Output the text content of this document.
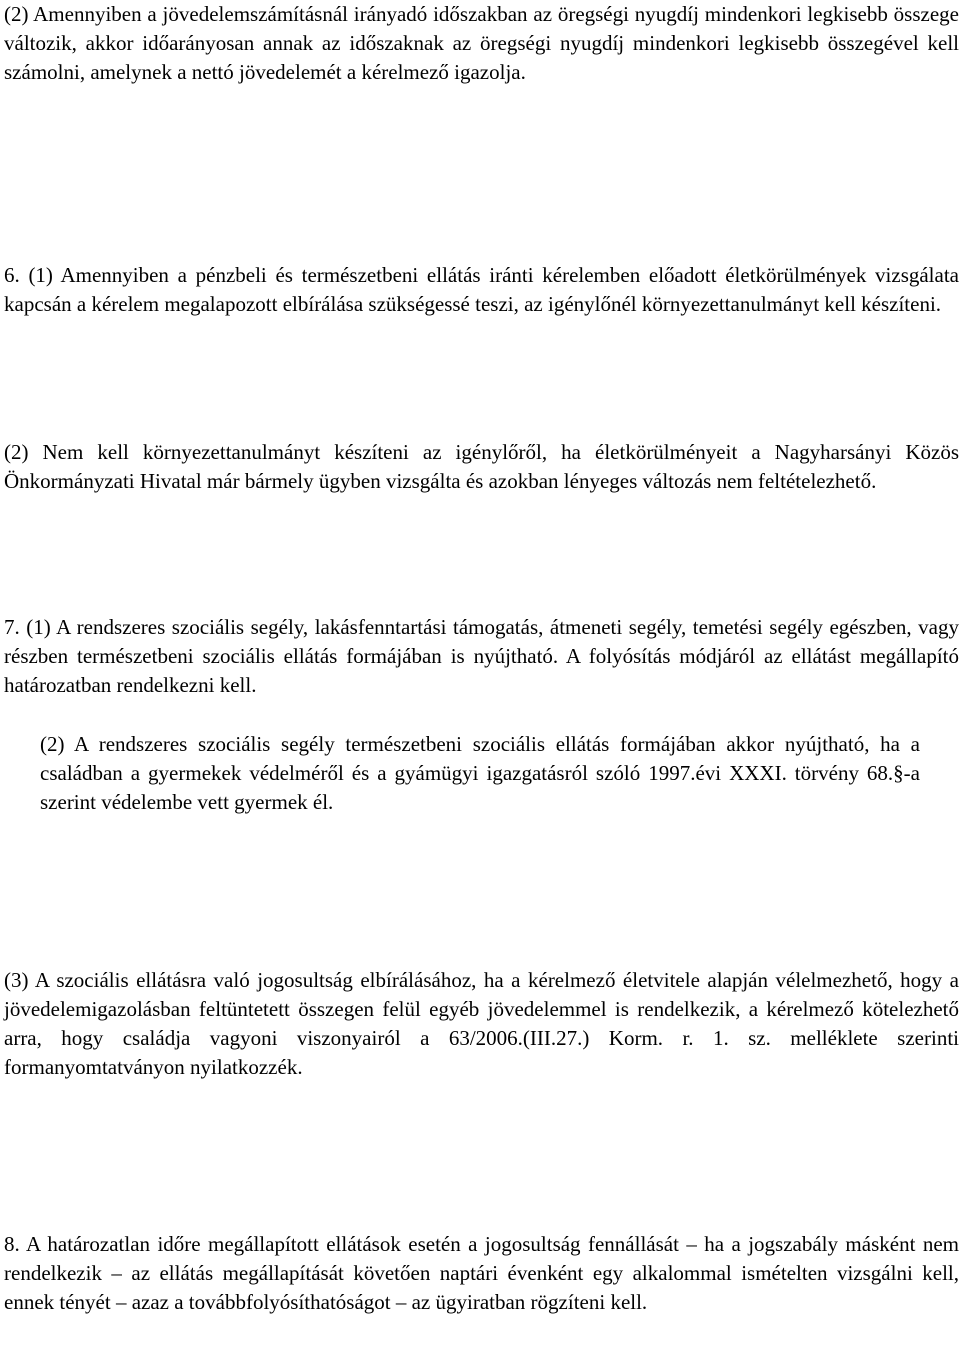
(2) Amennyiben a jövedelemszámításnál irányadó időszakban az öregségi nyugdíj mindenkori legkisebb összege változik, akkor időarányosan annak az időszaknak az öregségi nyugdíj mindenkori legkisebb összegével kell számolni, amelynek a nettó jövedelemét a kérelmező igazolja.

6. (1) Amennyiben a pénzbeli és természetbeni ellátás iránti kérelemben előadott életkörülmények vizsgálata kapcsán a kérelem megalapozott elbírálása szükségessé teszi, az igénylőnél környezettanulmányt kell készíteni.

(2) Nem kell környezettanulmányt készíteni az igénylőről, ha életkörülményeit a Nagyharsányi Közös Önkormányzati Hivatal már bármely ügyben vizsgálta és azokban lényeges változás nem feltételezhető.

7. (1) A rendszeres szociális segély, lakásfenntartási támogatás, átmeneti segély, temetési segély egészben, vagy részben természetbeni szociális ellátás formájában is nyújtható. A folyósítás módjáról az ellátást megállapító határozatban rendelkezni kell.

(2) A rendszeres szociális segély természetbeni szociális ellátás formájában akkor nyújtható, ha a családban a gyermekek védelméről és a gyámügyi igazgatásról szóló 1997.évi XXXI. törvény 68.§-a szerint védelembe vett gyermek él.

(3) A szociális ellátásra való jogosultság elbírálásához, ha a kérelmező életvitele alapján vélelmezhető, hogy a jövedelemigazolásban feltüntetett összegen felül egyéb jövedelemmel is rendelkezik, a kérelmező kötelezhető arra, hogy családja vagyoni viszonyairól a 63/2006.(III.27.) Korm. r. 1. sz. melléklete szerinti formanyomtatványon nyilatkozzék.

8. A határozatlan időre megállapított ellátások esetén a jogosultság fennállását – ha a jogszabály másként nem rendelkezik – az ellátás megállapítását követően naptári évenként egy alkalommal ismételten vizsgálni kell, ennek tényét – azaz a továbbfolyósíthatóságot – az ügyiratban rögzíteni kell.
